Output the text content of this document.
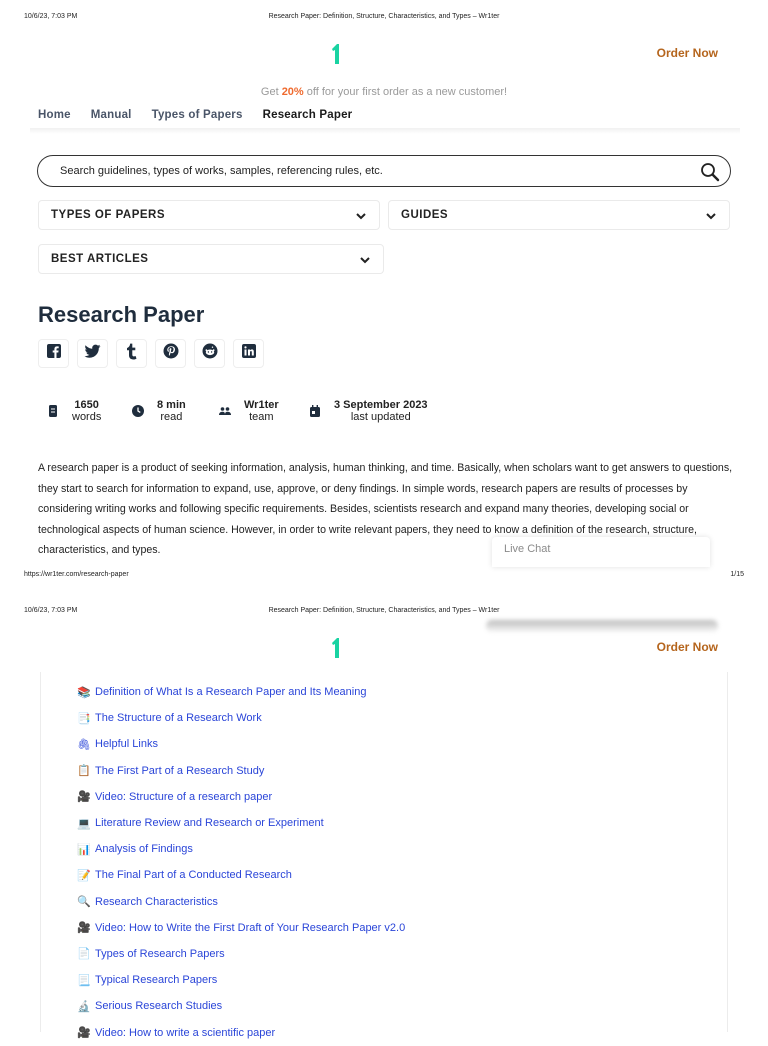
10/6/23, 7:03 PM	Research Paper: Definition, Structure, Characteristics, and Types – Wr1ter
Order Now
Get 20% off for your first order as a new customer!
Home Manual Types of Papers Research Paper
Search guidelines, types of works, samples, referencing rules, etc.
TYPES OF PAPERS	GUIDES
BEST ARTICLES
Research Paper
1650
words
8 min
read
Wr1ter
team
3 September 2023
last updated

A research paper is a product of seeking information, analysis, human thinking, and time. Basically, when scholars want to get answers to questions, they start to search for information to expand, use, approve, or deny findings. In simple words, research papers are results of processes by considering writing works and following specific requirements. Besides, scientists research and expand many theories, developing social or technological aspects of human science. However, in order to write relevant papers, they need to know a definition of the research, structure, characteristics, and types.	Live Chat
https://wr1ter.com/research-paper	1/15
10/6/23, 7:03 PM	Research Paper: Definition, Structure, Characteristics, and Types – Wr1ter
Order Now
📚 Definition of What Is a Research Paper and Its Meaning
📑 The Structure of a Research Work
🖇 Helpful Links
📋 The First Part of a Research Study
🎥 Video: Structure of a research paper
💻 Literature Review and Research or Experiment
📊 Analysis of Findings
📝 The Final Part of a Conducted Research
🔍 Research Characteristics
🎥 Video: How to Write the First Draft of Your Research Paper v2.0
📄 Types of Research Papers
📃 Typical Research Papers
🔬 Serious Research Studies
🎥 Video: How to write a scientific paper
